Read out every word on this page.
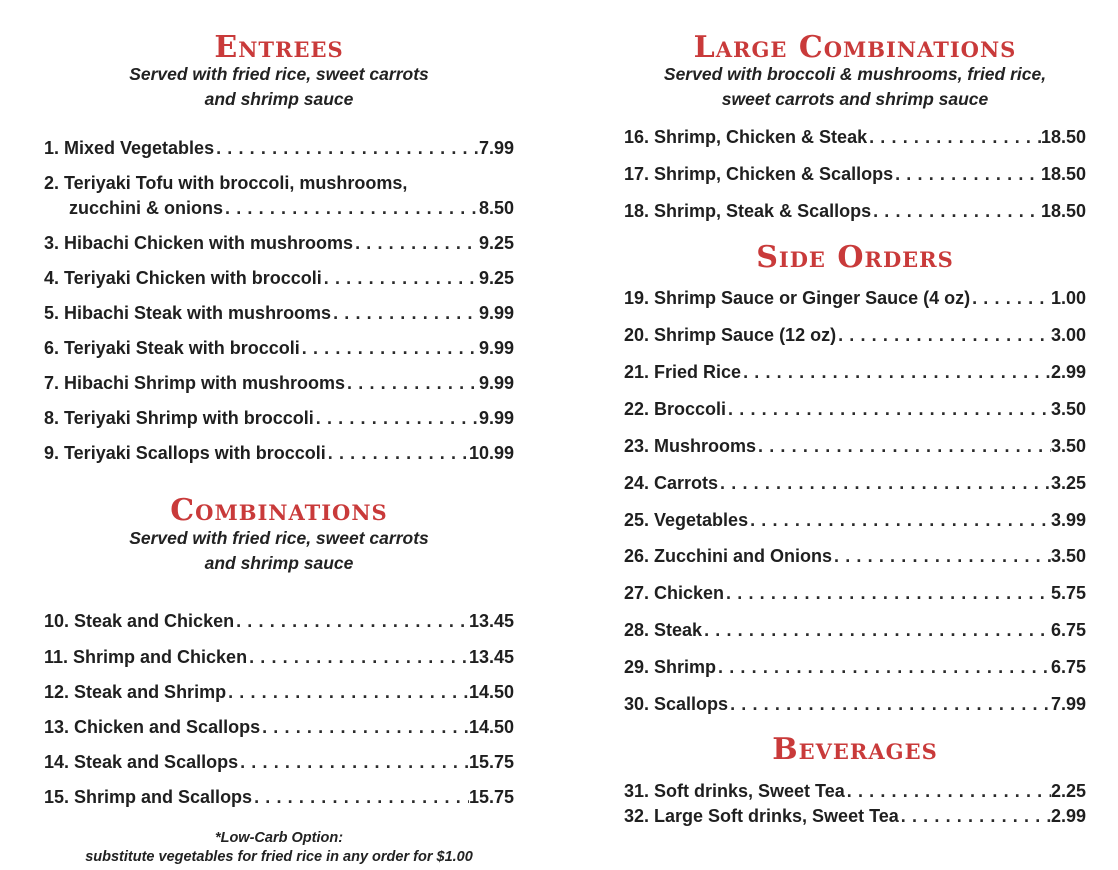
Entrees
Served with fried rice, sweet carrots
and shrimp sauce
1. Mixed Vegetables . . .	7.99
2. Teriyaki Tofu with broccoli, mushrooms,
zucchini & onions . . .	8.50
3. Hibachi Chicken with mushrooms . . .	9.25
4. Teriyaki Chicken with broccoli . . .	9.25
5. Hibachi Steak with mushrooms . . .	9.99
6. Teriyaki Steak with broccoli . . .	9.99
7. Hibachi Shrimp with mushrooms . . .	9.99
8. Teriyaki Shrimp with broccoli . . .	9.99
9. Teriyaki Scallops with broccoli . . .	10.99
Combinations
Served with fried rice, sweet carrots
and shrimp sauce
10. Steak and Chicken . . .	13.45
11. Shrimp and Chicken . . .	13.45
12. Steak and Shrimp . . .	14.50
13. Chicken and Scallops . . .	14.50
14. Steak and Scallops . . .	15.75
15. Shrimp and Scallops . . .	15.75
*Low-Carb Option:
substitute vegetables for fried rice in any order for $1.00
Large Combinations
Served with broccoli & mushrooms, fried rice,
sweet carrots and shrimp sauce
16. Shrimp, Chicken & Steak . . .	18.50
17. Shrimp, Chicken & Scallops . . .	18.50
18. Shrimp, Steak & Scallops . . .	18.50
Side Orders
19. Shrimp Sauce or Ginger Sauce (4 oz) . . .	1.00
20. Shrimp Sauce (12 oz) . . .	3.00
21. Fried Rice . . .	2.99
22. Broccoli . . .	3.50
23. Mushrooms . . .	3.50
24. Carrots . . .	3.25
25. Vegetables . . .	3.99
26. Zucchini and Onions . . .	3.50
27. Chicken . . .	5.75
28. Steak . . .	6.75
29. Shrimp . . .	6.75
30. Scallops . . .	7.99
Beverages
31. Soft drinks, Sweet Tea . . .	2.25
32. Large Soft drinks, Sweet Tea . . .	2.99
